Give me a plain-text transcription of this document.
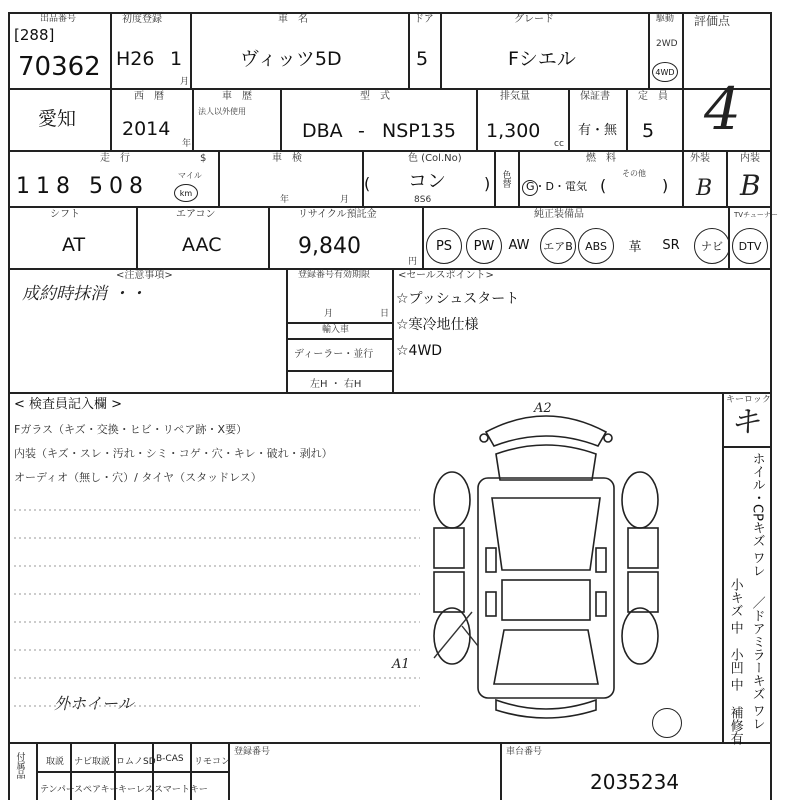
出品番号
[288]
70362
初度登録
H26 1
月
車　名
ヴィッツ5D
ドア
5
グレード
Fシエル
駆動
2WD
4WD
評価点
4
愛知
西　暦
2014
年
車　歴
法人以外使用
型　式
DBA - NSP135
排気量
1,300
cc
保証書
有・無
定　員
5
走　行	$
118 508	マイル
km
車　検
年	月
色 (Col.No)
( コン )
8S6
色替
燃　料
G・D・電気
その他
(	)
外装
B
内装
B
シフト
AT
エアコン
AAC
リサイクル預託金
9,840
円
純正装備品	TVチューナー
PS	PW	AW	エアB	ABS	革	SR	ナビ	DTV
<注意事項>
成約時抹消 ・・
登録番号有効期限
月	日
輸入車
ディーラー・並行
左H ・ 右H
<セールスポイント>
☆プッシュスタート
☆寒冷地仕様
☆4WD
< 検査員記入欄 >
Fガラス（キズ・交換・ヒビ・リペア跡・X要）
内装（キズ・スレ・汚れ・シミ・コゲ・穴・キレ・破れ・剥れ）
オーディオ（無し・穴）/ タイヤ（スタッドレス）
外ホイール
A2
A1
キーロック
キ
ホイル・CPキズ ワレ
／ドアミラーキズ ワレ
小キズ 中
小凹 中
補修有
付属品 取説 ナビ取説 ロムノSD B-CAS リモコン
テンパー スペアキー キーレス スマートキー
登録番号	車台番号
2035234
